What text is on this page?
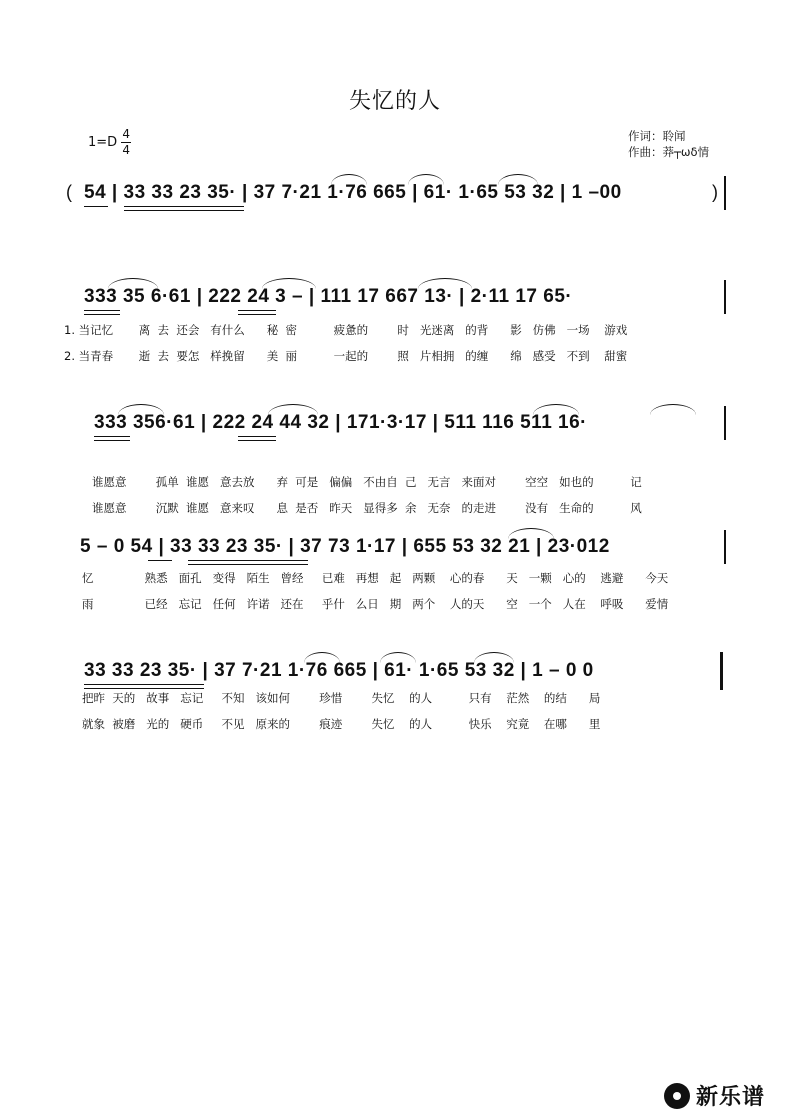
失忆的人
1=D
4
4
作词：聆闻
作曲：莽┬ωδ情
( 54 | 33 33 23 35· | 37 7·21 1·76 665 | 61· 1·65 53 32 | 1 –00	)
333 35 6·61 | 222 24 3 – | 111 17 667 13· | 2·11 17 65·
1. 当记忆       离  去  还会   有什么      秘  密          疲惫的        时   光迷离   的背      影   仿佛   一场    游戏
2. 当青春       逝  去  要怎   样挽留      美  丽          一起的        照   片相拥   的缠      绵   感受   不到    甜蜜
333 356·61 | 222 24 44 32 | 171·3·17 | 511 116 511 16·
谁愿意        孤单  谁愿   意去放      弃  可是   偏偏   不由自  己   无言   来面对        空空   如也的          记
谁愿意        沉默  谁愿   意来叹      息  是否   昨天   显得多  余   无奈   的走进        没有   生命的          风
5 – 0 54 | 33 33 23 35· | 37 73 1·17 | 655 53 32 21 | 23·012
忆              熟悉   面孔   变得   陌生   曾经     已难   再想   起   两颗    心的春      天   一颗   心的    逃避      今天
雨              已经   忘记   任何   许诺   还在     乎什   么日   期   两个    人的天      空   一个   人在    呼吸      爱情
33 33 23 35· | 37 7·21 1·76 665 | 61· 1·65 53 32 | 1 – 0 0
把昨  天的   故事   忘记     不知   该如何        珍惜        失忆    的人          只有    茫然    的结      局
就象  被磨   光的   硬币     不见   原来的        痕迹        失忆    的人          快乐    究竟    在哪      里
新乐谱
